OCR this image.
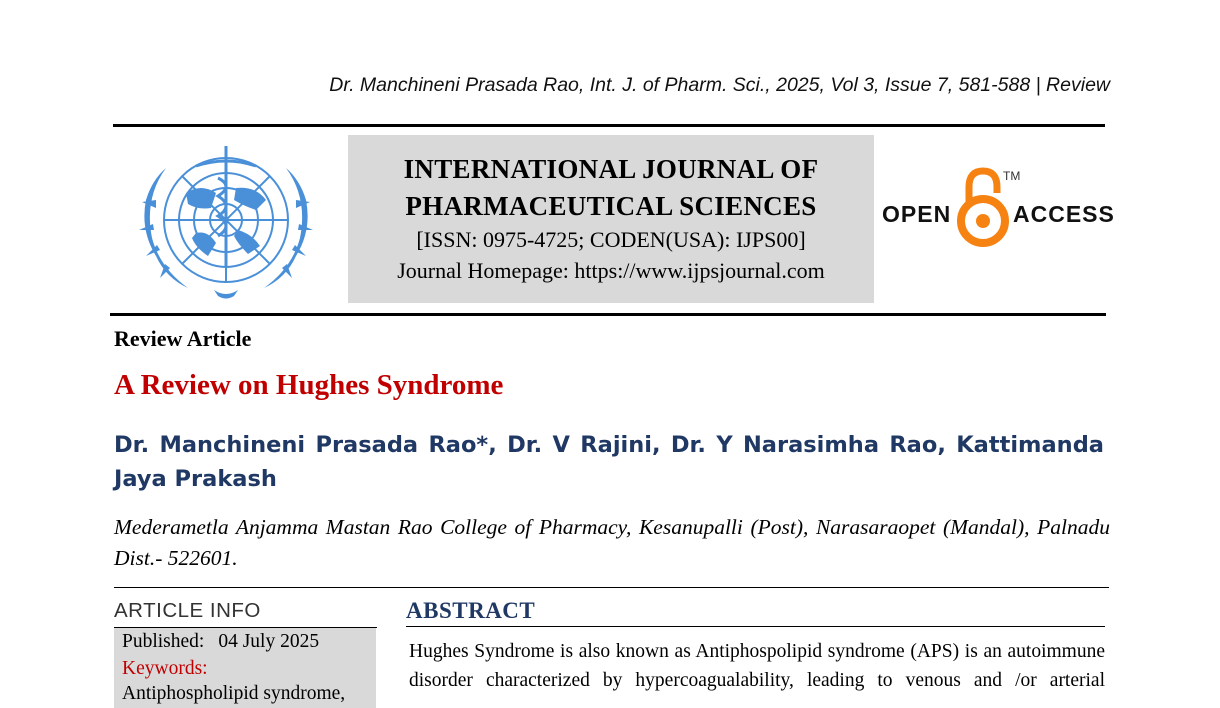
Dr. Manchineni Prasada Rao, Int. J. of Pharm. Sci., 2025, Vol 3, Issue 7, 581-588 | Review
INTERNATIONAL JOURNAL OF
PHARMACEUTICAL SCIENCES
[ISSN: 0975-4725; CODEN(USA): IJPS00]
Journal Homepage: https://www.ijpsjournal.com
OPEN	ACCESS
TM
Review Article
A Review on Hughes Syndrome
Dr. Manchineni Prasada Rao*, Dr. V Rajini, Dr. Y Narasimha Rao, Kattimanda Jaya Prakash
Mederametla Anjamma Mastan Rao College of Pharmacy, Kesanupalli (Post), Narasaraopet (Mandal), Palnadu Dist.- 522601.
ARTICLE INFO
Published: 04 July 2025
Keywords:
Antiphospholipid syndrome,
ABSTRACT
Hughes Syndrome is also known as Antiphospolipid syndrome (APS) is an autoimmune
disorder characterized by hypercoagualability, leading to venous and /or arterial
